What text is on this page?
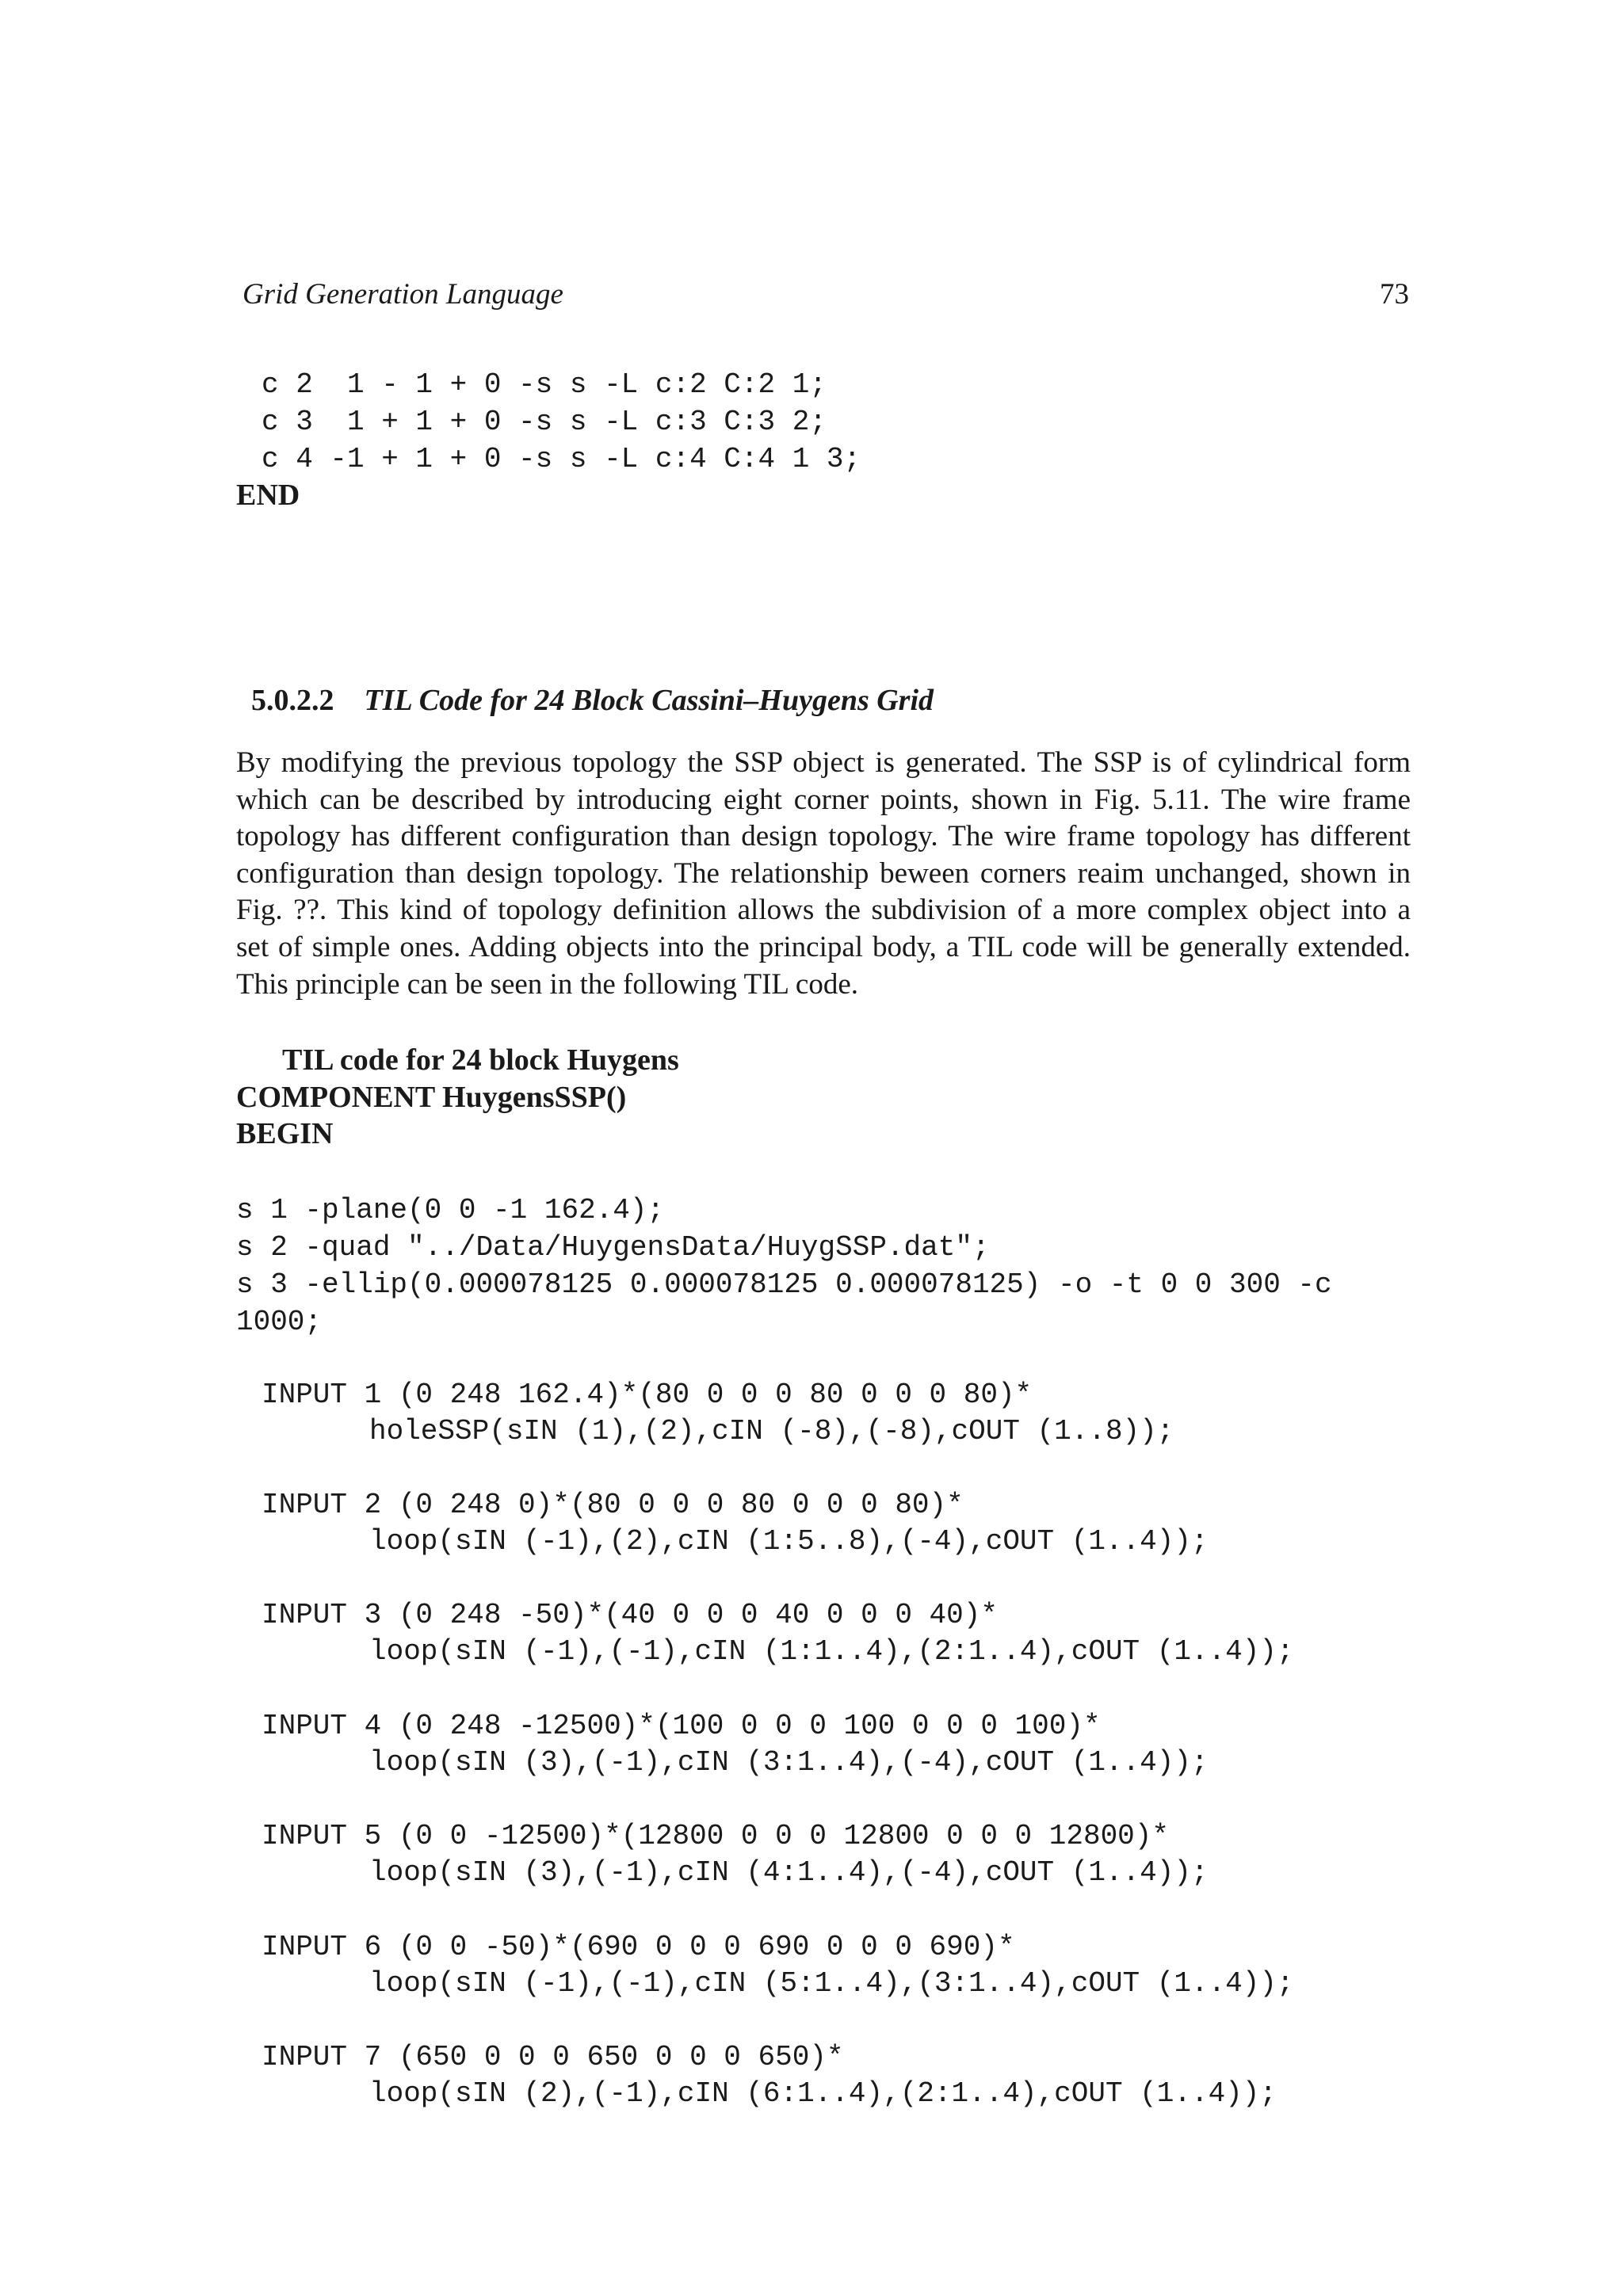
Grid Generation Language	73
c 2  1 - 1 + 0 -s s -L c:2 C:2 1;
c 3  1 + 1 + 0 -s s -L c:3 C:3 2;
c 4 -1 + 1 + 0 -s s -L c:4 C:4 1 3;
END

5.0.2.2 TIL Code for 24 Block Cassini–Huygens Grid

By modifying the previous topology the SSP object is generated. The SSP is of cylindrical form
which can be described by introducing eight corner points, shown in Fig. 5.11. The wire frame
topology has different configuration than design topology. The wire frame topology has different
configuration than design topology. The relationship beween corners reaim unchanged, shown in
Fig. ??. This kind of topology definition allows the subdivision of a more complex object into a
set of simple ones. Adding objects into the principal body, a TIL code will be generally extended.
This principle can be seen in the following TIL code.
TIL code for 24 block Huygens
COMPONENT HuygensSSP()
BEGIN
s 1 -plane(0 0 -1 162.4);
s 2 -quad "../Data/HuygensData/HuygSSP.dat";
s 3 -ellip(0.000078125 0.000078125 0.000078125) -o -t 0 0 300 -c
1000;
INPUT 1 (0 248 162.4)*(80 0 0 0 80 0 0 0 80)*
holeSSP(sIN (1),(2),cIN (-8),(-8),cOUT (1..8));
INPUT 2 (0 248 0)*(80 0 0 0 80 0 0 0 80)*
loop(sIN (-1),(2),cIN (1:5..8),(-4),cOUT (1..4));
INPUT 3 (0 248 -50)*(40 0 0 0 40 0 0 0 40)*
loop(sIN (-1),(-1),cIN (1:1..4),(2:1..4),cOUT (1..4));
INPUT 4 (0 248 -12500)*(100 0 0 0 100 0 0 0 100)*
loop(sIN (3),(-1),cIN (3:1..4),(-4),cOUT (1..4));
INPUT 5 (0 0 -12500)*(12800 0 0 0 12800 0 0 0 12800)*
loop(sIN (3),(-1),cIN (4:1..4),(-4),cOUT (1..4));
INPUT 6 (0 0 -50)*(690 0 0 0 690 0 0 0 690)*
loop(sIN (-1),(-1),cIN (5:1..4),(3:1..4),cOUT (1..4));
INPUT 7 (650 0 0 0 650 0 0 0 650)*
loop(sIN (2),(-1),cIN (6:1..4),(2:1..4),cOUT (1..4));
